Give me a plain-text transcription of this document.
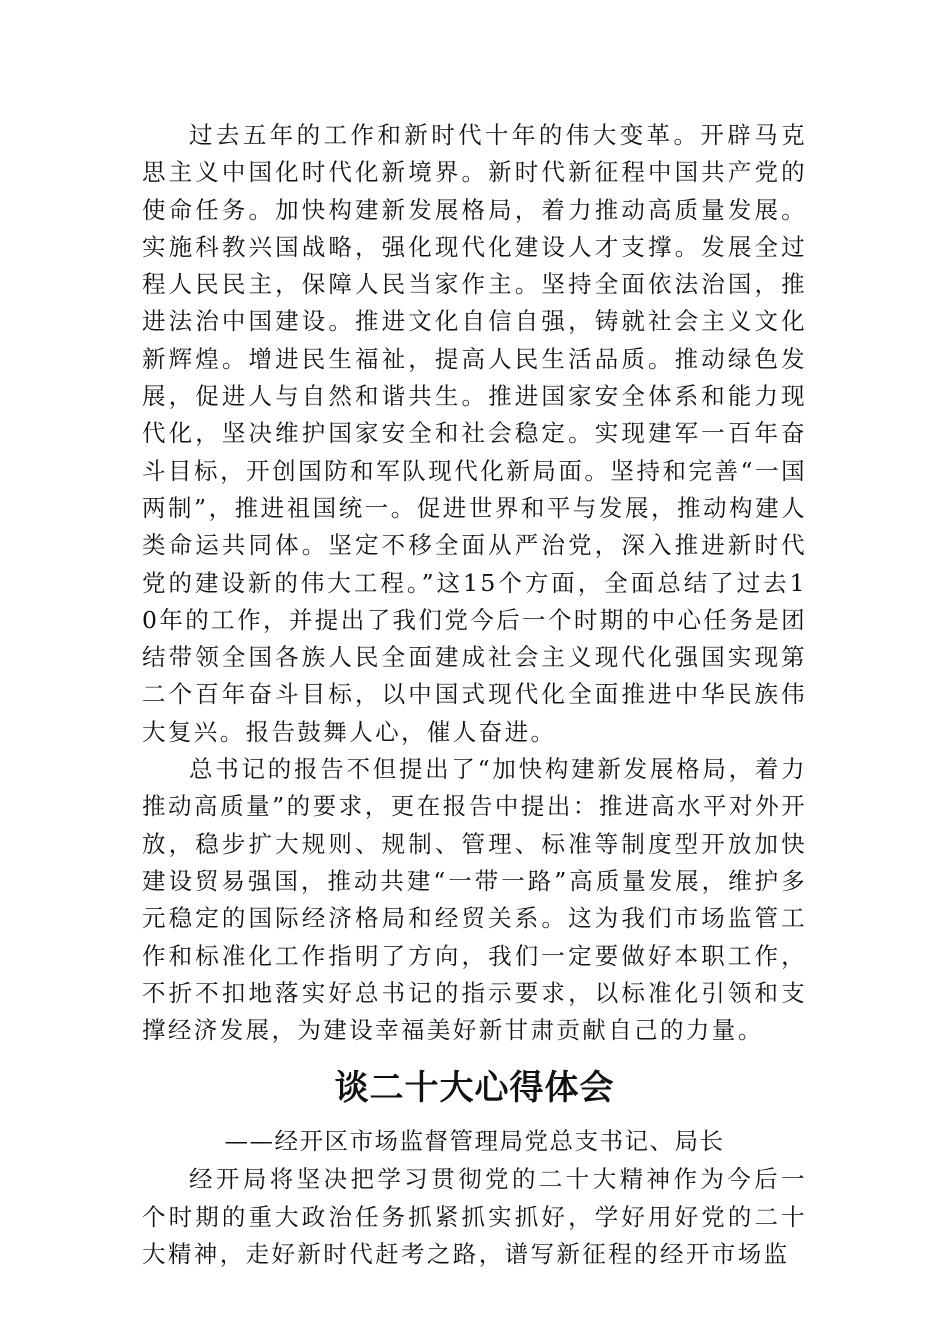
过去五年的工作和新时代十年的伟大变革。开辟马克思主义中国化时代化新境界。新时代新征程中国共产党的使命任务。加快构建新发展格局，着力推动高质量发展。实施科教兴国战略，强化现代化建设人才支撑。发展全过程人民民主，保障人民当家作主。坚持全面依法治国，推进法治中国建设。推进文化自信自强，铸就社会主义文化新辉煌。增进民生福祉，提高人民生活品质。推动绿色发展，促进人与自然和谐共生。推进国家安全体系和能力现代化，坚决维护国家安全和社会稳定。实现建军一百年奋斗目标，开创国防和军队现代化新局面。坚持和完善“一国两制”，推进祖国统一。促进世界和平与发展，推动构建人类命运共同体。坚定不移全面从严治党，深入推进新时代党的建设新的伟大工程。”这15个方面，全面总结了过去10年的工作，并提出了我们党今后一个时期的中心任务是团结带领全国各族人民全面建成社会主义现代化强国实现第二个百年奋斗目标，以中国式现代化全面推进中华民族伟大复兴。报告鼓舞人心，催人奋进。

总书记的报告不但提出了“加快构建新发展格局，着力推动高质量”的要求，更在报告中提出：推进高水平对外开放，稳步扩大规则、规制、管理、标准等制度型开放加快建设贸易强国，推动共建“一带一路”高质量发展，维护多元稳定的国际经济格局和经贸关系。这为我们市场监管工作和标准化工作指明了方向，我们一定要做好本职工作，不折不扣地落实好总书记的指示要求，以标准化引领和支撑经济发展，为建设幸福美好新甘肃贡献自己的力量。

谈二十大心得体会
——经开区市场监督管理局党总支书记、局长

经开局将坚决把学习贯彻党的二十大精神作为今后一个时期的重大政治任务抓紧抓实抓好，学好用好党的二十大精神，走好新时代赶考之路，谱写新征程的经开市场监
